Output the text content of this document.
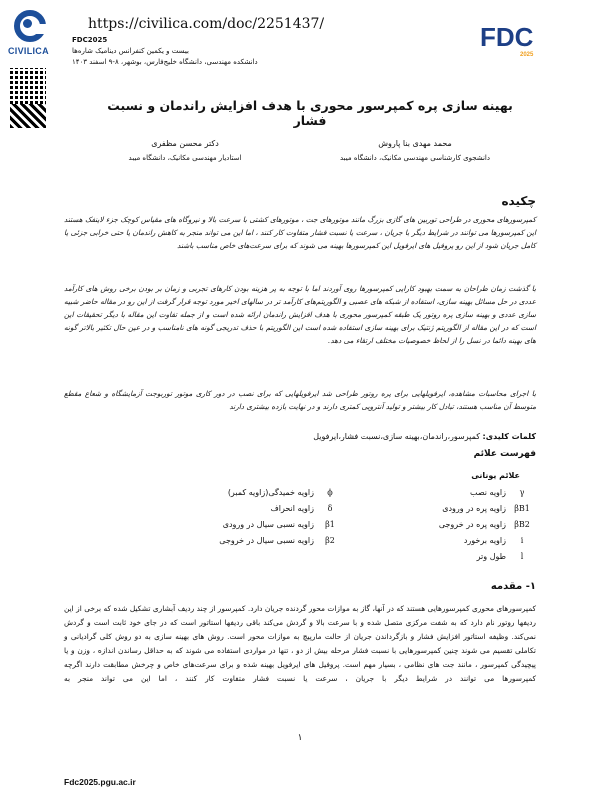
CIVILICA
https://civilica.com/doc/2251437/
FDC2025
بیست و یکمین کنفرانس دینامیک شاره‌ها
دانشکده مهندسی، دانشگاه خلیج‌فارس، بوشهر، ۸-۹ اسفند ۱۴۰۳
FDC
2025
بهینه سازی پره کمپرسور محوری با هدف افزایش راندمان و نسبت فشار
محمد مهدی بنا پاروش
دانشجوی کارشناسی مهندسی مکانیک، دانشگاه میبد
دکتر محسن مظفری
استادیار مهندسی مکانیک، دانشگاه میبد
چکیده
کمپرسورهای محوری در طراحی توربین های گازی بزرگ مانند موتورهای جت ، موتورهای کشتی با سرعت بالا و نیروگاه های مقیاس کوچک جزء لاینفک هستند این کمپرسورها می توانند در شرایط دیگر با جریان ، سرعت یا نسبت فشار متفاوت کار کنند ، اما این می تواند منجر به کاهش راندمان یا حتی خرابی جزئی یا کامل جریان شود از این رو پروفیل های ایرفویل این کمپرسورها بهینه می شوند که برای سرعت‌های خاص مناسب باشند
با گذشت زمان طراحان به سمت بهبود کارایی کمپرسورها روی آوردند اما با توجه به پر هزینه بودن کارهای تجربی و زمان بر بودن برخی روش های کارآمد عددی در حل مسائل بهینه سازی، استفاده از شبکه های عصبی و الگوریتم‌های کارآمد تر در سالهای اخیر مورد توجه قرار گرفت از این رو در مقاله حاضر شبیه سازی عددی و بهینه سازی پره روتور یک طبقه کمپرسور محوری با هدف افزایش راندمان ارائه شده است و از جمله تفاوت این مقاله با دیگر تحقیقات این است که در این مقاله از الگوریتم ژنتیک برای بهینه سازی استفاده شده است این الگوریتم با حذف تدریجی گونه های نامناسب و در عین حال تکثیر بالاتر گونه های بهینه دائما در نسل را از لحاظ خصوصیات مختلف ارتقاء می دهد.
با اجرای محاسبات مشاهده، ایرفویلهایی برای پره روتور طراحی شد ایرفویلهایی که برای نصب در دور کاری موتور توربوجت آزمایشگاه و شعاع مقطع متوسط آن مناسب هستند، تبادل کار بیشتر و تولید آنتروپی کمتری دارند و در نهایت بازده بیشتری دارند
کلمات کلیدی: کمپرسور،راندمان،بهینه سازی،نسبت فشار،ایرفویل
فهرست علائم
علائم یونانی
γ
زاویه نصب
βB1
زاویه پره در ورودی
βB2
زاویه پره در خروجی
i
زاویه برخورد
l
طول وتر
ϕ
زاویه خمیدگی(زاویه کمبر)
δ
زاویه انحراف
β1
زاویه نسبی سیال در ورودی
β2
زاویه نسبی سیال در خروجی
۱- مقدمه
کمپرسورهای محوری کمپرسورهایی هستند که در آنها، گاز به موازات محور گردنده جریان دارد. کمپرسور از چند ردیف آبشاری تشکیل شده که برخی از این ردیفها روتور نام دارد که به شفت مرکزی متصل شده و با سرعت بالا و گردش می‌کند باقی ردیفها استاتور است که در جای خود ثابت است و گردش نمی‌کند. وظیفه استاتور افزایش فشار و بازگرداندن جریان از حالت مارپیچ به موازات محور است. روش های بهینه سازی به دو روش کلی گرادیانی و تکاملی تقسیم می شوند چنین کمپرسورهایی با نسبت فشار مرحله بیش از دو ، تنها در مواردی استفاده می شوند که به حداقل رساندن اندازه ، وزن و یا پیچیدگی کمپرسور ، مانند جت های نظامی ، بسیار مهم است. پروفیل های ایرفویل بهینه شده و برای سرعت‌های خاص و چرخش مطابقت دارند اگرچه کمپرسورها می توانند در شرایط دیگر با جریان ، سرعت یا نسبت فشار متفاوت کار کنند ، اما این می تواند منجر به
۱
Fdc2025.pgu.ac.ir
